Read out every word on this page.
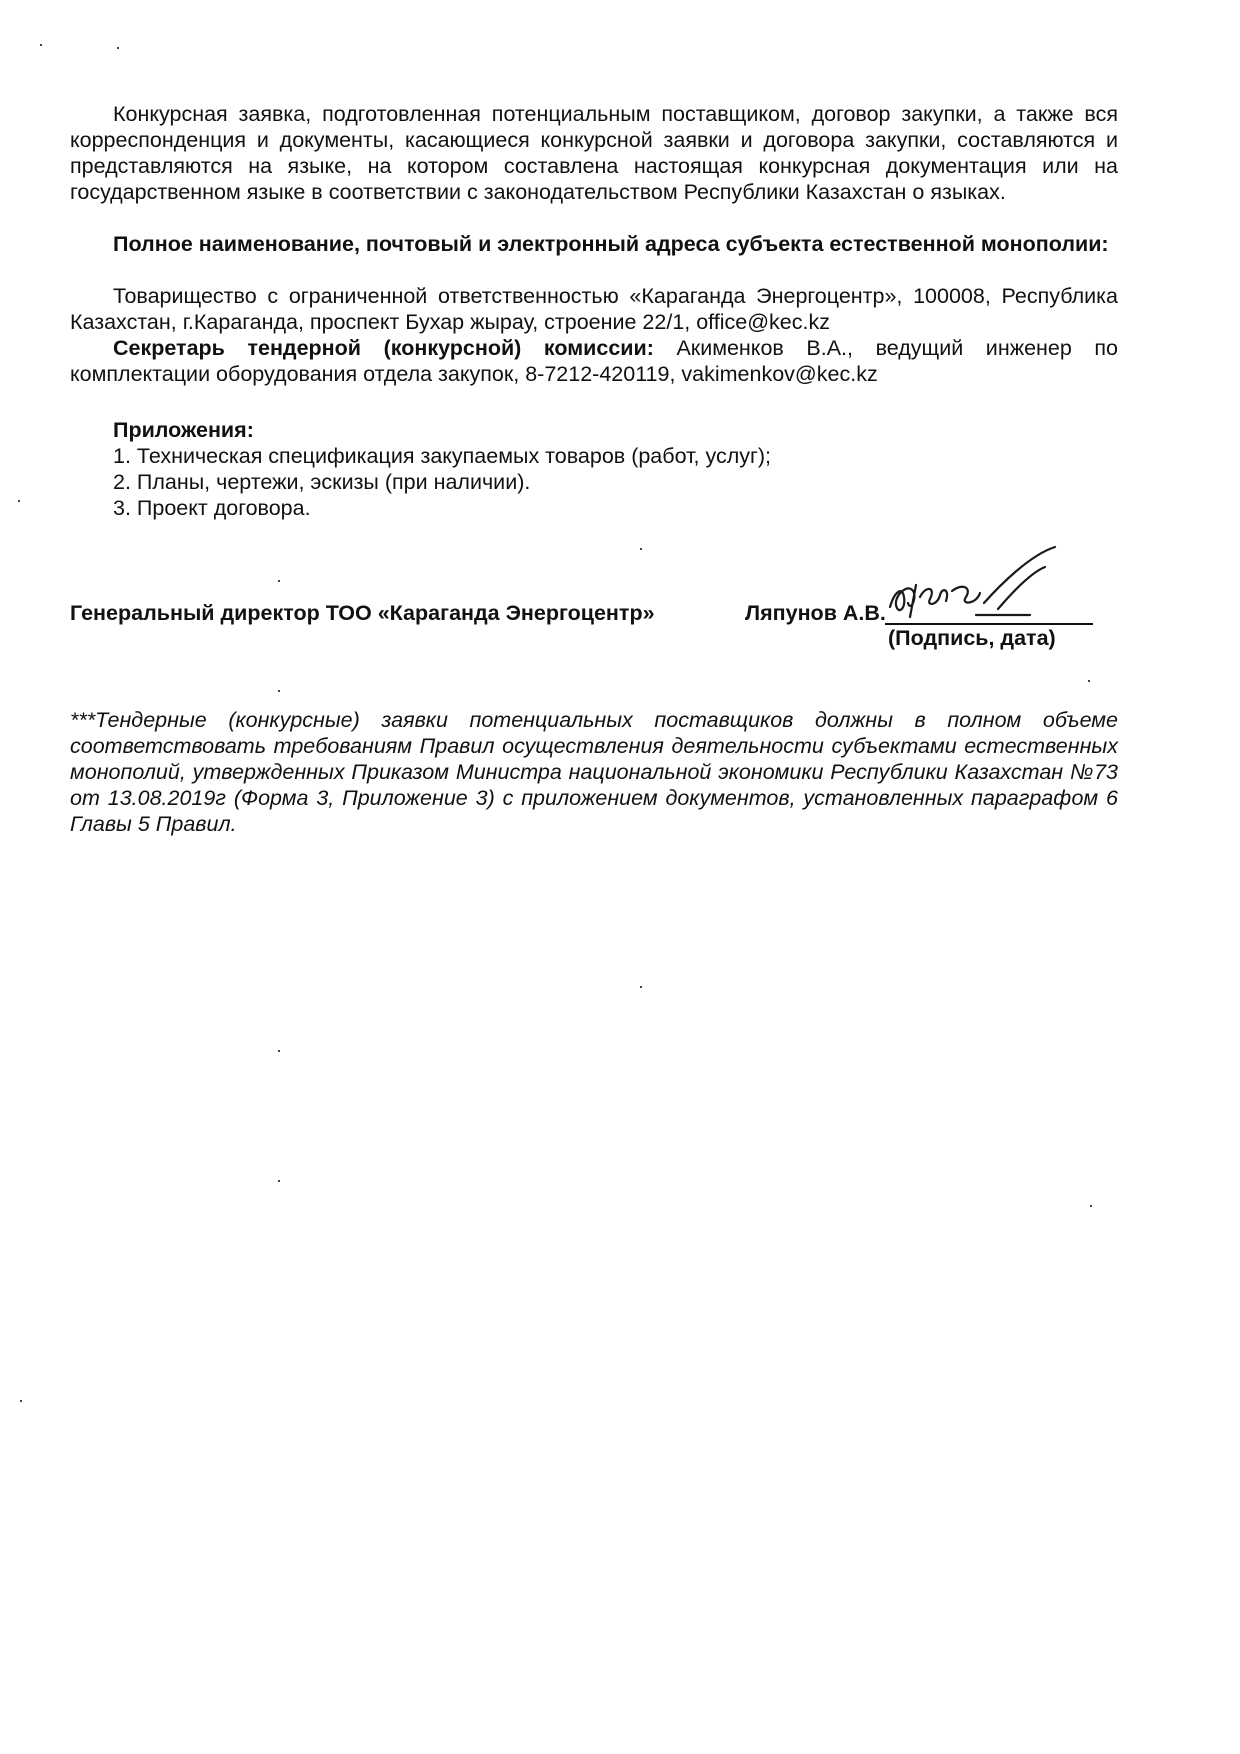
Конкурсная заявка, подготовленная потенциальным поставщиком, договор закупки, а также вся корреспонденция и документы, касающиеся конкурсной заявки и договора закупки, составляются и представляются на языке, на котором составлена настоящая конкурсная документация или на государственном языке в соответствии с законодательством Республики Казахстан о языках.

Полное наименование, почтовый и электронный адреса субъекта естественной монополии:

Товарищество с ограниченной ответственностью «Караганда Энергоцентр», 100008, Республика Казахстан, г.Караганда, проспект Бухар жырау, строение 22/1, office@kec.kz

Секретарь тендерной (конкурсной) комиссии: Акименков В.А., ведущий инженер по комплектации оборудования отдела закупок, 8-7212-420119, vakimenkov@kec.kz

Приложения:
1. Техническая спецификация закупаемых товаров (работ, услуг);
2. Планы, чертежи, эскизы (при наличии).
3. Проект договора.
Генеральный директор ТОО «Караганда Энергоцентр»	Ляпунов А.В.
(Подпись, дата)
***Тендерные (конкурсные) заявки потенциальных поставщиков должны в полном объеме соответствовать требованиям Правил осуществления деятельности субъектами естественных монополий, утвержденных Приказом Министра национальной экономики Республики Казахстан №73 от 13.08.2019г (Форма 3, Приложение 3) с приложением документов, установленных параграфом 6 Главы 5 Правил.
